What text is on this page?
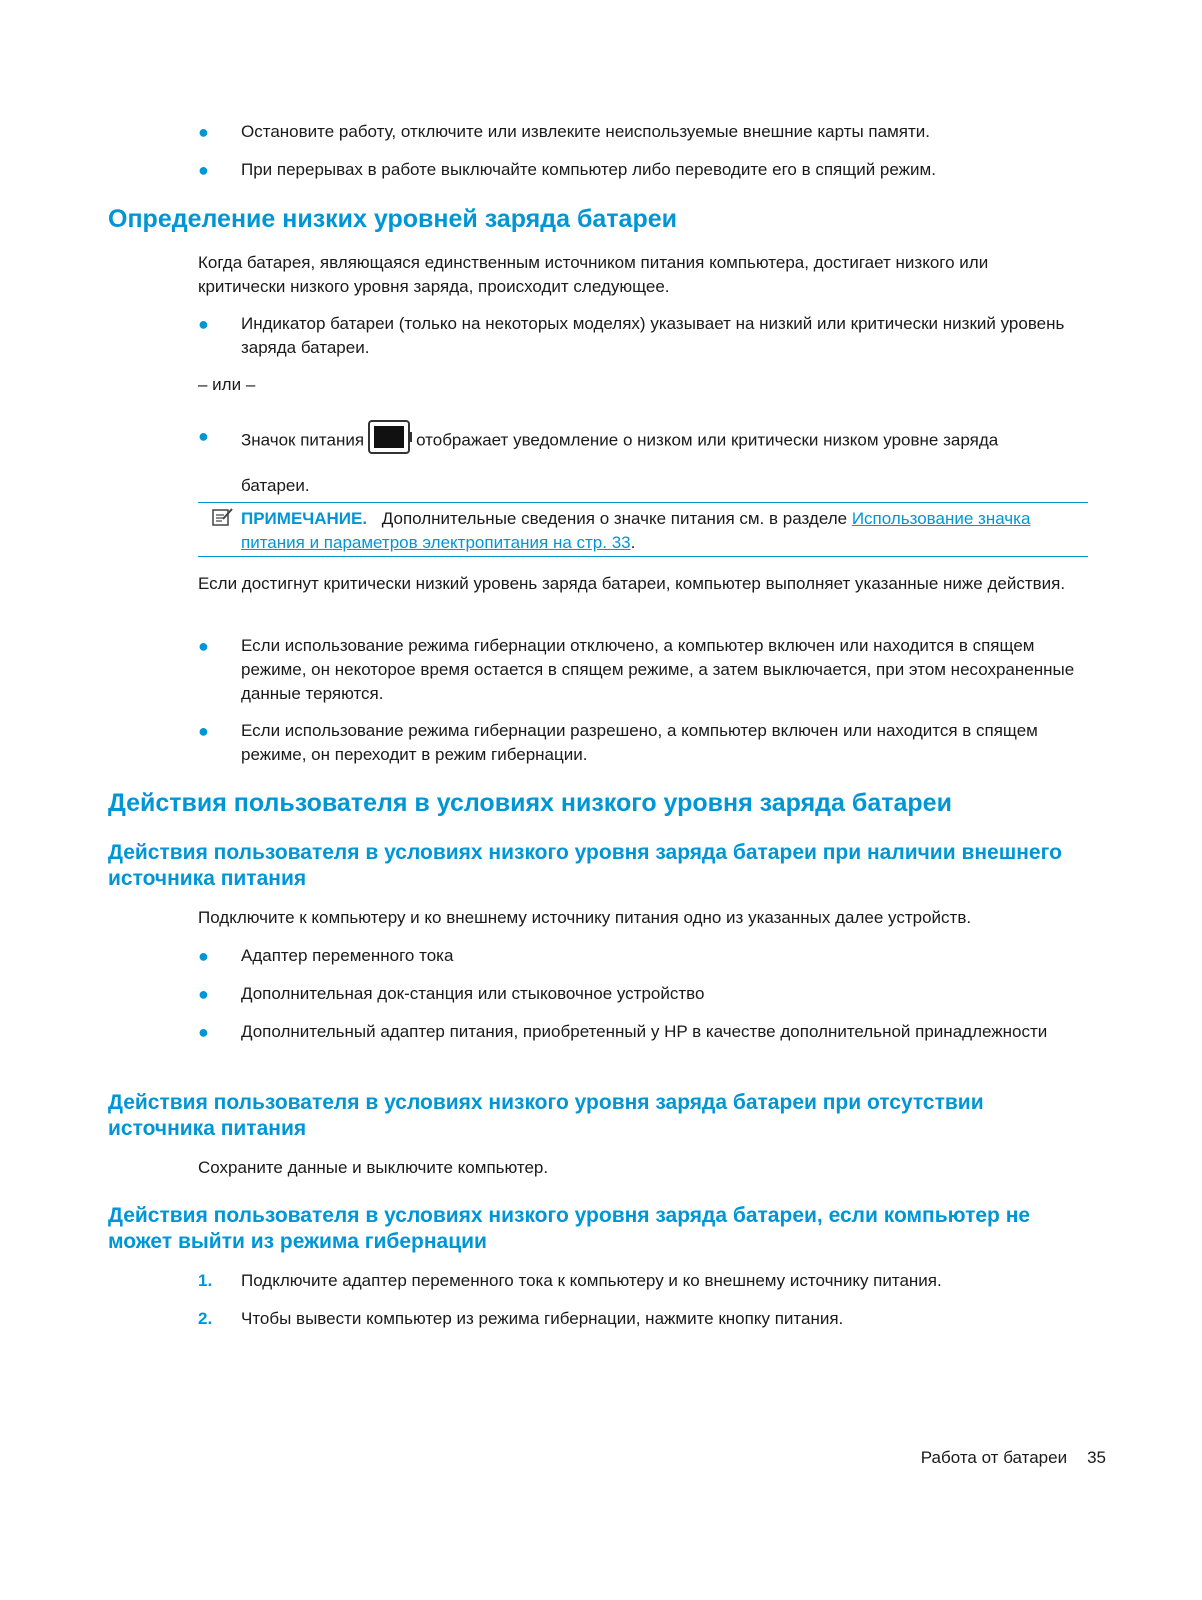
● Остановите работу, отключите или извлеките неиспользуемые внешние карты памяти.
● При перерывах в работе выключайте компьютер либо переводите его в спящий режим.
Определение низких уровней заряда батареи
Когда батарея, являющаяся единственным источником питания компьютера, достигает низкого или критически низкого уровня заряда, происходит следующее.
● Индикатор батареи (только на некоторых моделях) указывает на низкий или критически низкий уровень заряда батареи.
– или –
● Значок питания	отображает уведомление о низком или критически низком уровне заряда
батареи.
ПРИМЕЧАНИЕ. Дополнительные сведения о значке питания см. в разделе Использование значка питания и параметров электропитания на стр. 33.
Если достигнут критически низкий уровень заряда батареи, компьютер выполняет указанные ниже действия.
● Если использование режима гибернации отключено, а компьютер включен или находится в спящем режиме, он некоторое время остается в спящем режиме, а затем выключается, при этом несохраненные данные теряются.
● Если использование режима гибернации разрешено, а компьютер включен или находится в спящем режиме, он переходит в режим гибернации.
Действия пользователя в условиях низкого уровня заряда батареи
Действия пользователя в условиях низкого уровня заряда батареи при наличии внешнего источника питания
Подключите к компьютеру и ко внешнему источнику питания одно из указанных далее устройств.
● Адаптер переменного тока
● Дополнительная док-станция или стыковочное устройство
● Дополнительный адаптер питания, приобретенный у HP в качестве дополнительной принадлежности
Действия пользователя в условиях низкого уровня заряда батареи при отсутствии источника питания
Сохраните данные и выключите компьютер.
Действия пользователя в условиях низкого уровня заряда батареи, если компьютер не может выйти из режима гибернации
1. Подключите адаптер переменного тока к компьютеру и ко внешнему источнику питания.
2. Чтобы вывести компьютер из режима гибернации, нажмите кнопку питания.
Работа от батареи 35
